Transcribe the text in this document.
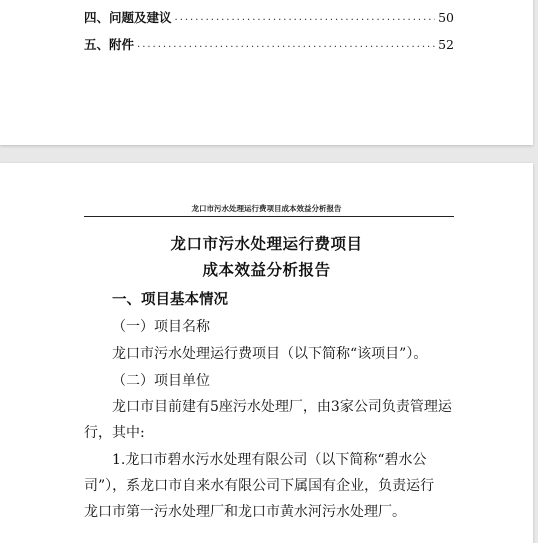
四、问题及建议 .....	50
五、附件 .....	52
龙口市污水处理运行费项目成本效益分析报告
龙口市污水处理运行费项目
成本效益分析报告
一、项目基本情况
（一）项目名称
龙口市污水处理运行费项目（以下简称“该项目”）。
（二）项目单位
龙口市目前建有5座污水处理厂，由3家公司负责管理运
行，其中:
1.龙口市碧水污水处理有限公司（以下简称“碧水公
司”），系龙口市自来水有限公司下属国有企业，负责运行
龙口市第一污水处理厂和龙口市黄水河污水处理厂。
